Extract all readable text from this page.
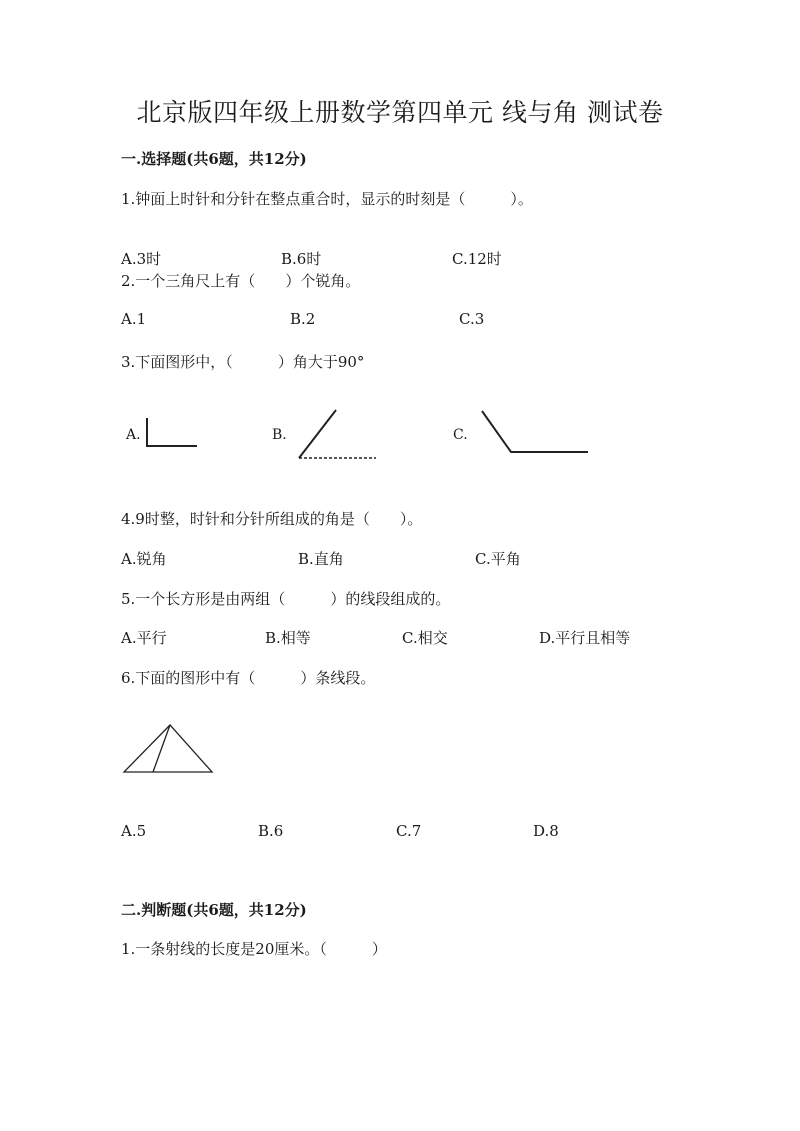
北京版四年级上册数学第四单元 线与角 测试卷
一.选择题(共6题，共12分)
1.钟面上时针和分针在整点重合时，显示的时刻是（　　　）。
A.3时	B.6时	C.12时
2.一个三角尺上有（　　）个锐角。
A.1	B.2	C.3
3.下面图形中，（　　　）角大于90°
A.	B.	C.
4.9时整，时针和分针所组成的角是（　　）。
A.锐角	B.直角	C.平角
5.一个长方形是由两组（　　　）的线段组成的。
A.平行	B.相等	C.相交	D.平行且相等
6.下面的图形中有（　　　）条线段。
A.5	B.6	C.7	D.8
二.判断题(共6题，共12分)
1.一条射线的长度是20厘米。（　　　）
